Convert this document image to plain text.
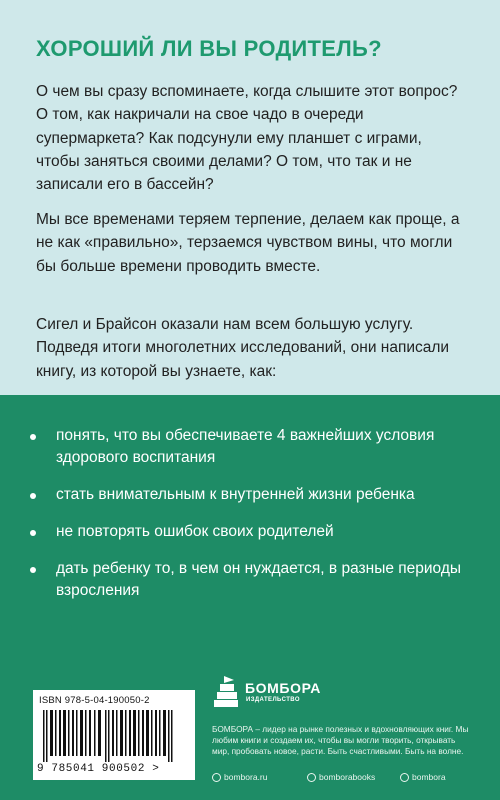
ХОРОШИЙ ЛИ ВЫ РОДИТЕЛЬ?

О чем вы сразу вспоминаете, когда слышите этот вопрос? О том, как накричали на свое чадо в очереди супермаркета? Как подсунули ему планшет с играми, чтобы заняться своими делами? О том, что так и не записали его в бассейн?

Мы все временами теряем терпение, делаем как проще, а не как «правильно», терзаемся чувством вины, что могли бы больше времени проводить вместе.

Сигел и Брайсон оказали нам всем большую услугу. Подведя итоги многолетних исследований, они написали книгу, из которой вы узнаете, как:

понять, что вы обеспечиваете 4 важнейших условия здорового воспитания
стать внимательным к внутренней жизни ребенка
не повторять ошибок своих родителей
дать ребенку то, в чем он нуждается, в разные периоды взросления
ISBN 978-5-04-190050-2
9 785041 900502 >
БОМБОРА
ИЗДАТЕЛЬСТВО

БОМБОРА – лидер на рынке полезных и вдохновляющих книг. Мы любим книги и создаем их, чтобы вы могли творить, открывать мир, пробовать новое, расти. Быть счастливыми. Быть на волне.

bombora.ru	bomborabooks	bombora
